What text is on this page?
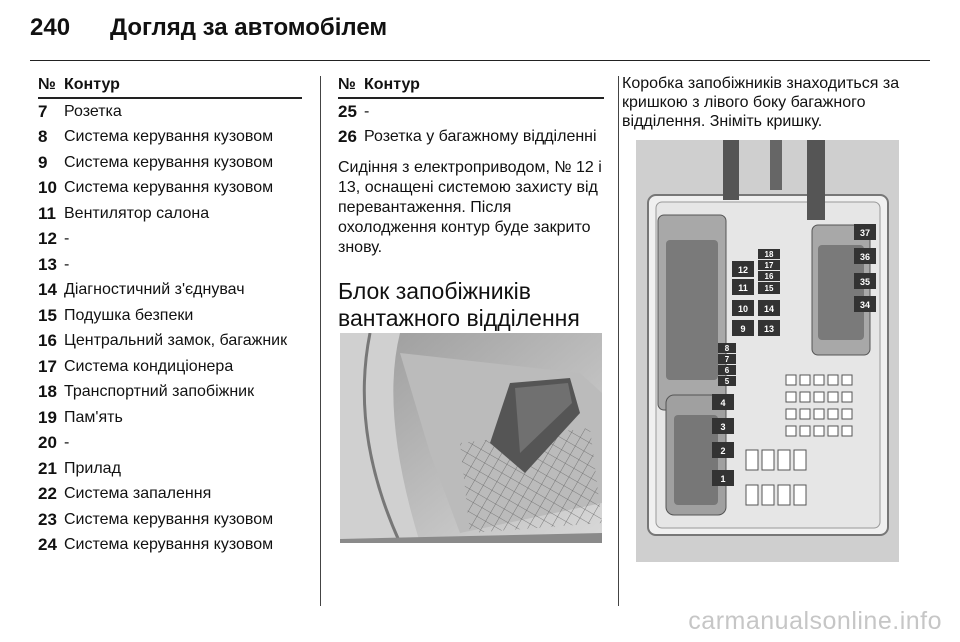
240	Догляд за автомобілем
№ Контур
7	Розетка
8	Система керування кузовом
9	Система керування кузовом
10 Система керування кузовом
11 Вентилятор салона
12 -
13 -
14 Діагностичний з'єднувач
15 Подушка безпеки
16 Центральний замок, багажник
17 Система кондиціонера
18 Транспортний запобіжник
19 Пам'ять
20 -
21 Прилад
22 Система запалення
23 Система керування кузовом
24 Система керування кузовом
№ Контур
25 -
26 Розетка у багажному відділенні
Сидіння з електроприводом, № 12 і 13, оснащені системою захисту від перевантаження. Після охолодження контур буде закрито знову.
Блок запобіжників вантажного відділення
Коробка запобіжників знаходиться за кришкою з лівого боку багажного відділення. Зніміть кришку.
1
2
3
4
5
6
7
8
9
10
11
12
13
14
15
16
17
18
34
35
36
37
carmanualsonline.info
